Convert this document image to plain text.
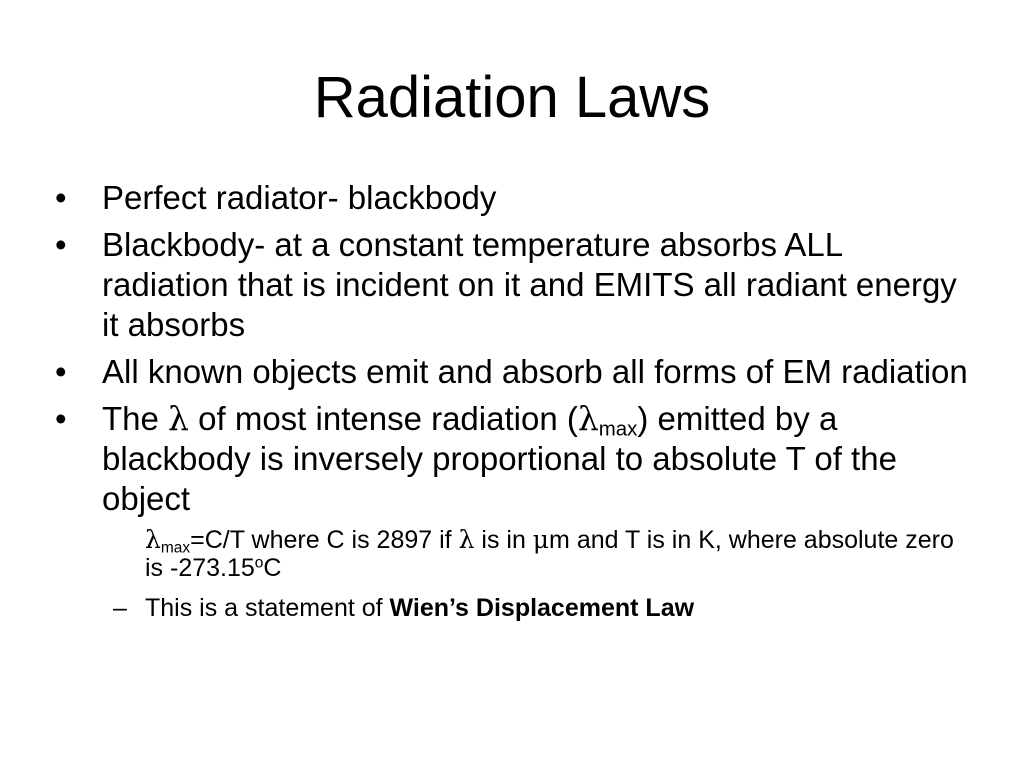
Radiation Laws
• Perfect radiator- blackbody
• Blackbody- at a constant temperature absorbs ALL radiation that is incident on it and EMITS all radiant energy it absorbs
• All known objects emit and absorb all forms of EM radiation
• The λ of most intense radiation $(\lambda_{max})$ emitted by a blackbody is inversely proportional to absolute T of the object
$\lambda_{max}=C/T$ where C is 2897 if λ is in μm and T is in K, where absolute zero is -273.15$^o$C
– This is a statement of Wien’s Displacement Law
